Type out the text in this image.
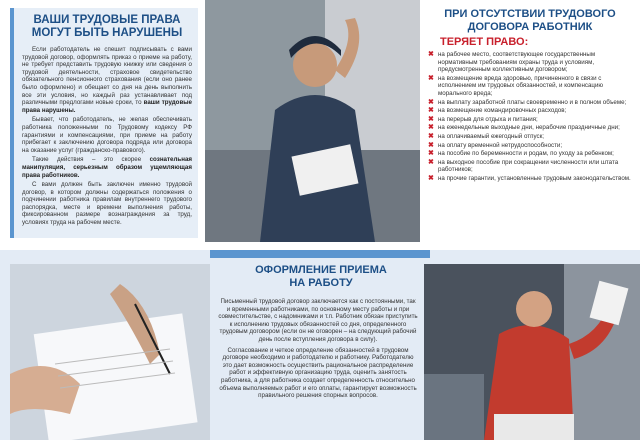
ВАШИ ТРУДОВЫЕ ПРАВА МОГУТ БЫТЬ НАРУШЕНЫ

Если работодатель не спешит подписывать с вами трудовой договор, оформлять приказ о приеме на работу, не требует представить трудовую книжку или сведения о трудовой деятельности, страховое свидетельство обязательного пенсионного страхования (если оно ранее было оформлено) и обещает со дня на день выполнить все эти условия, но каждый раз устанавливает под различными предлогами новые сроки, то ваши трудовые права нарушены.

Бывает, что работодатель, не желая обеспечивать работника положенными по Трудовому кодексу РФ гарантиями и компенсациями, при приеме на работу прибегает к заключению договора подряда или договора на оказание услуг (гражданско-правового).

Такие действия – это скорее сознательная манипуляция, серьезным образом ущемляющая права работников.

С вами должен быть заключен именно трудовой договор, в котором должны содержаться положения о подчинении работника правилам внутреннего трудового распорядка, месте и времени выполнения работы, фиксированном размере вознаграждения за труд, условиях труда на рабочем месте.

ПРИ ОТСУТСТВИИ ТРУДОВОГО ДОГОВОРА РАБОТНИК
ТЕРЯЕТ ПРАВО:
✖ на рабочее место, соответствующее государственным нормативным требованиям охраны труда и условиям, предусмотренным коллективным договором;
✖ на возмещение вреда здоровью, причиненного в связи с исполнением им трудовых обязанностей, и компенсацию морального вреда;
✖ на выплату заработной платы своевременно и в полном объеме;
✖ на возмещение командировочных расходов;
✖ на перерыв для отдыха и питания;
✖ на еженедельные выходные дни, нерабочие праздничные дни;
✖ на оплачиваемый ежегодный отпуск;
✖ на оплату временной нетрудоспособности;
✖ на пособие по беременности и родам, по уходу за ребенком;
✖ на выходное пособие при сокращении численности или штата работников;
✖ на прочие гарантии, установленные трудовым законодательством.
ОФОРМЛЕНИЕ ПРИЕМА
НА РАБОТУ

Письменный трудовой договор заключается как с постоянными, так и временными работниками, по основному месту работы и при совместительстве, с надомниками и т.п. Работник обязан приступить к исполнению трудовых обязанностей со дня, определенного трудовым договором (если он не оговорен – на следующий рабочий день после вступления договора в силу).

Согласование и четкое определение обязанностей в трудовом договоре необходимо и работодателю и работнику. Работодателю это дает возможность осуществить рациональное распределение работ и эффективную организацию труда, оценить занятость работника, а для работника создает определенность относительно объема выполняемых работ и его оплаты, гарантирует возможность правильного решения спорных вопросов.
